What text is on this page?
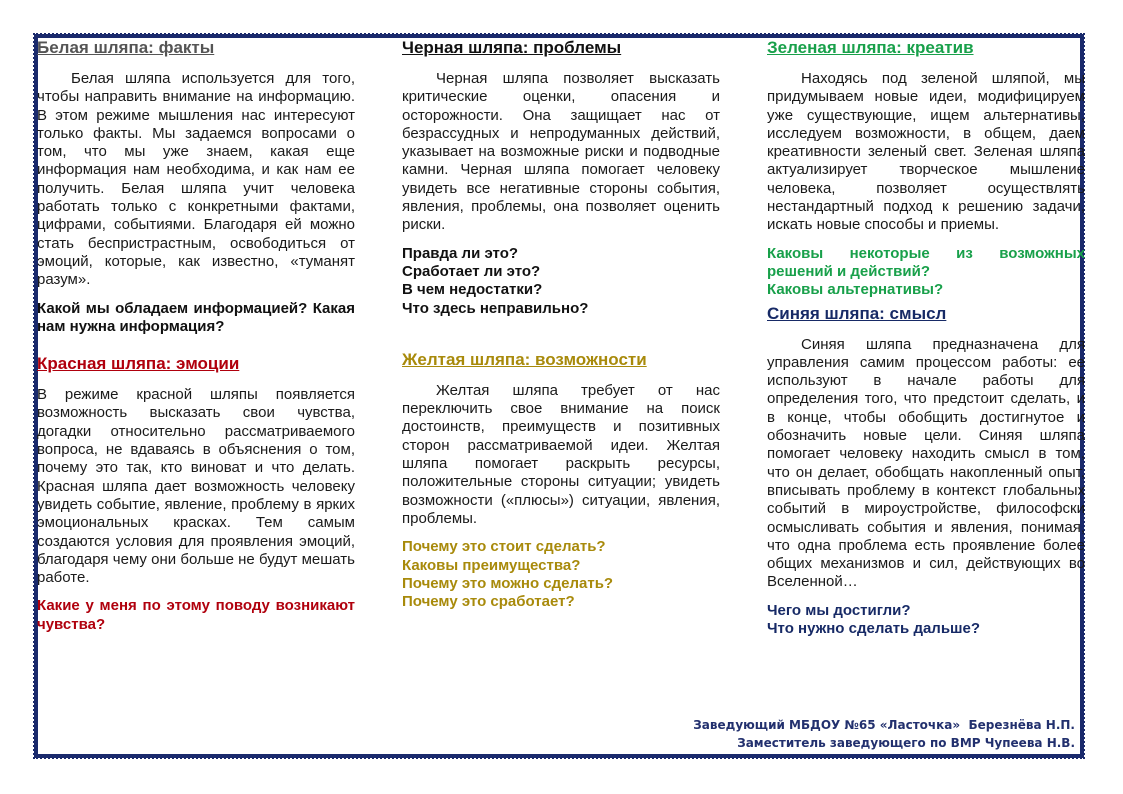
Белая шляпа: факты

Белая шляпа используется для того, чтобы направить внимание на информацию. В этом режиме мышления нас интересуют только факты. Мы задаемся вопросами о том, что мы уже знаем, какая еще информация нам необходима, и как нам ее получить. Белая шляпа учит человека работать только с конкретными фактами, цифрами, событиями. Благодаря ей можно стать беспристрастным, освободиться от эмоций, которые, как известно, «туманят разум».

Какой мы обладаем информацией? Какая нам нужна информация?

Красная шляпа: эмоции

В режиме красной шляпы появляется возможность высказать свои чувства, догадки относительно рассматриваемого вопроса, не вдаваясь в объяснения о том, почему это так, кто виноват и что делать. Красная шляпа дает возможность человеку увидеть событие, явление, проблему в ярких эмоциональных красках. Тем самым создаются условия для проявления эмоций, благодаря чему они больше не будут мешать работе.

Какие у меня по этому поводу возникают чувства?

Черная шляпа: проблемы

Черная шляпа позволяет высказать критические оценки, опасения и осторожности. Она защищает нас от безрассудных и непродуманных действий, указывает на возможные риски и подводные камни. Черная шляпа помогает человеку увидеть все негативные стороны события, явления, проблемы, она позволяет оценить риски.

Правда ли это?
Сработает ли это?
В чем недостатки?
Что здесь неправильно?
Желтая шляпа: возможности

Желтая шляпа требует от нас переключить свое внимание на поиск достоинств, преимуществ и позитивных сторон рассматриваемой идеи. Желтая шляпа помогает раскрыть ресурсы, положительные стороны ситуации; увидеть возможности («плюсы») ситуации, явления, проблемы.

Почему это стоит сделать?
Каковы преимущества?
Почему это можно сделать?
Почему это сработает?
Зеленая шляпа: креатив

Находясь под зеленой шляпой, мы придумываем новые идеи, модифицируем уже существующие, ищем альтернативы, исследуем возможности, в общем, даем креативности зеленый свет. Зеленая шляпа актуализирует творческое мышление человека, позволяет осуществлять нестандартный подход к решению задачи, искать новые способы и приемы.

Каковы некоторые из возможных решений и действий?

Каковы альтернативы?
Синяя шляпа: смысл

Синяя шляпа предназначена для управления самим процессом работы: ее используют в начале работы для определения того, что предстоит сделать, и в конце, чтобы обобщить достигнутое и обозначить новые цели. Синяя шляпа помогает человеку находить смысл в том, что он делает, обобщать накопленный опыт, вписывать проблему в контекст глобальных событий в мироустройстве, философски осмысливать события и явления, понимая, что одна проблема есть проявление более общих механизмов и сил, действующих во Вселенной…

Чего мы достигли?
Что нужно сделать дальше?
Заведующий МБДОУ №65 «Ласточка»  Березнёва Н.П.
Заместитель заведующего по ВМР Чупеева Н.В.
